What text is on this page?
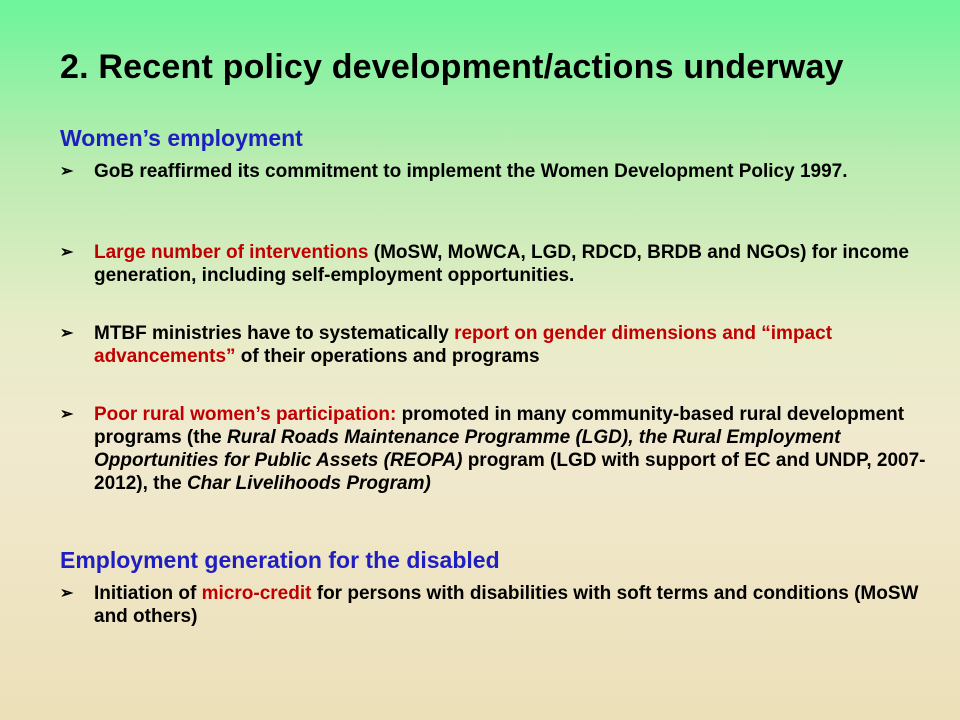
2. Recent policy development/actions underway
Women’s employment
➢	GoB reaffirmed its commitment to implement the Women Development Policy 1997.
➢	Large number of interventions (MoSW, MoWCA, LGD, RDCD, BRDB and NGOs) for income generation, including self-employment opportunities.
➢	MTBF ministries have to systematically report on gender dimensions and “impact advancements” of their operations and programs
➢	Poor rural women’s participation: promoted in many community-based rural development programs (the Rural Roads Maintenance Programme (LGD), the Rural Employment Opportunities for Public Assets (REOPA) program (LGD with support of EC and UNDP, 2007-2012), the Char Livelihoods Program)
Employment generation for the disabled
➢	Initiation of micro-credit for persons with disabilities with soft terms and conditions (MoSW and others)
